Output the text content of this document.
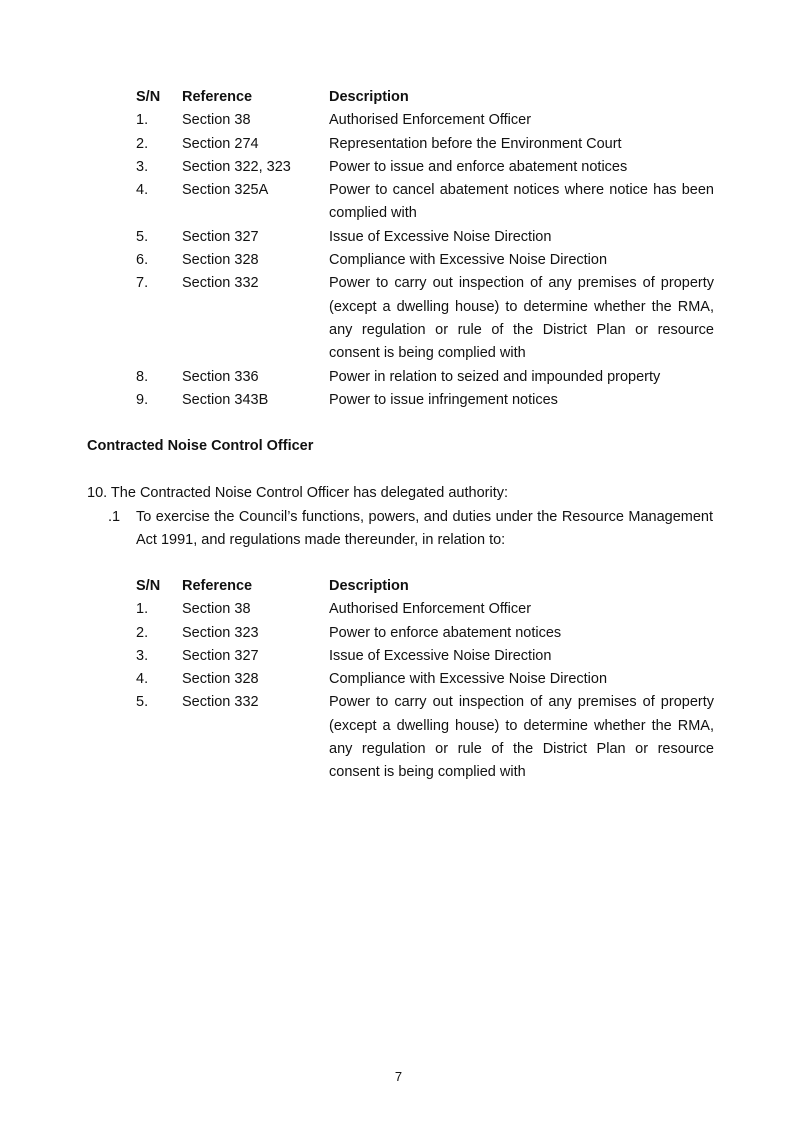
S/N Reference	Description
1. Section 38	Authorised Enforcement Officer
2. Section 274	Representation before the Environment Court
3. Section 322, 323	Power to issue and enforce abatement notices
4. Section 325A	Power to cancel abatement notices where notice has been complied with
5. Section 327	Issue of Excessive Noise Direction
6. Section 328	Compliance with Excessive Noise Direction
7. Section 332	Power to carry out inspection of any premises of property (except a dwelling house) to determine whether the RMA, any regulation or rule of the District Plan or resource consent is being complied with
8. Section 336	Power in relation to seized and impounded property
9. Section 343B	Power to issue infringement notices
Contracted Noise Control Officer
10. The Contracted Noise Control Officer has delegated authority:
.1 To exercise the Council’s functions, powers, and duties under the Resource Management Act 1991, and regulations made thereunder, in relation to:
S/N Reference	Description
1. Section 38	Authorised Enforcement Officer
2. Section 323	Power to enforce abatement notices
3. Section 327	Issue of Excessive Noise Direction
4. Section 328	Compliance with Excessive Noise Direction
5. Section 332	Power to carry out inspection of any premises of property (except a dwelling house) to determine whether the RMA, any regulation or rule of the District Plan or resource consent is being complied with
7
